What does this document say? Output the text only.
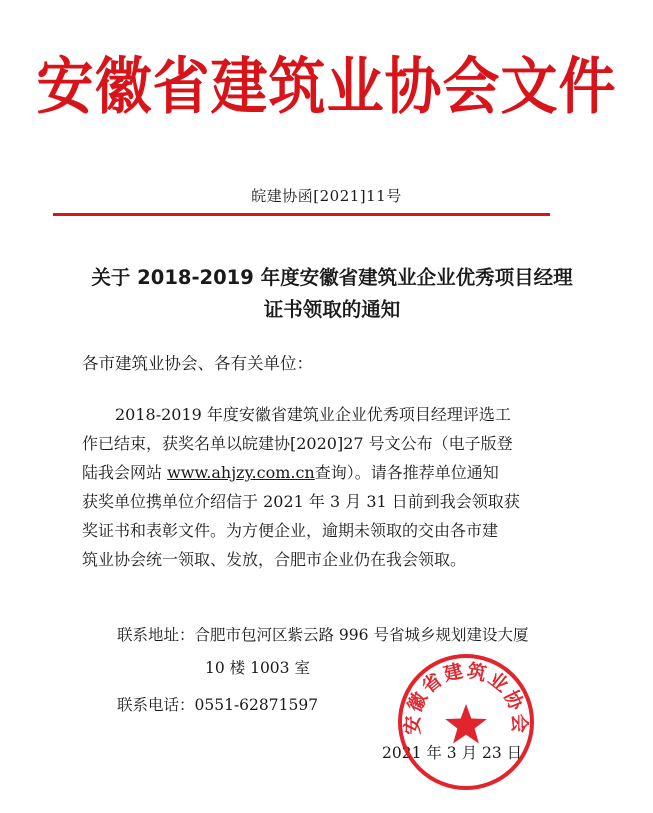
安徽省建筑业协会文件
皖建协函[2021]11号
关于 2018-2019 年度安徽省建筑业企业优秀项目经理
证书领取的通知
各市建筑业协会、各有关单位：
2018-2019 年度安徽省建筑业企业优秀项目经理评选工
作已结束，获奖名单以皖建协[2020]27 号文公布（电子版登
陆我会网站 www.ahjzy.com.cn查询）。请各推荐单位通知
获奖单位携单位介绍信于 2021 年 3 月 31 日前到我会领取获
奖证书和表彰文件。为方便企业，逾期未领取的交由各市建
筑业协会统一领取、发放，合肥市企业仍在我会领取。
联系地址：合肥市包河区紫云路 996 号省城乡规划建设大厦
10 楼 1003 室
联系电话：0551-62871597
2021 年 3 月 23 日
安徽省建筑业协会
